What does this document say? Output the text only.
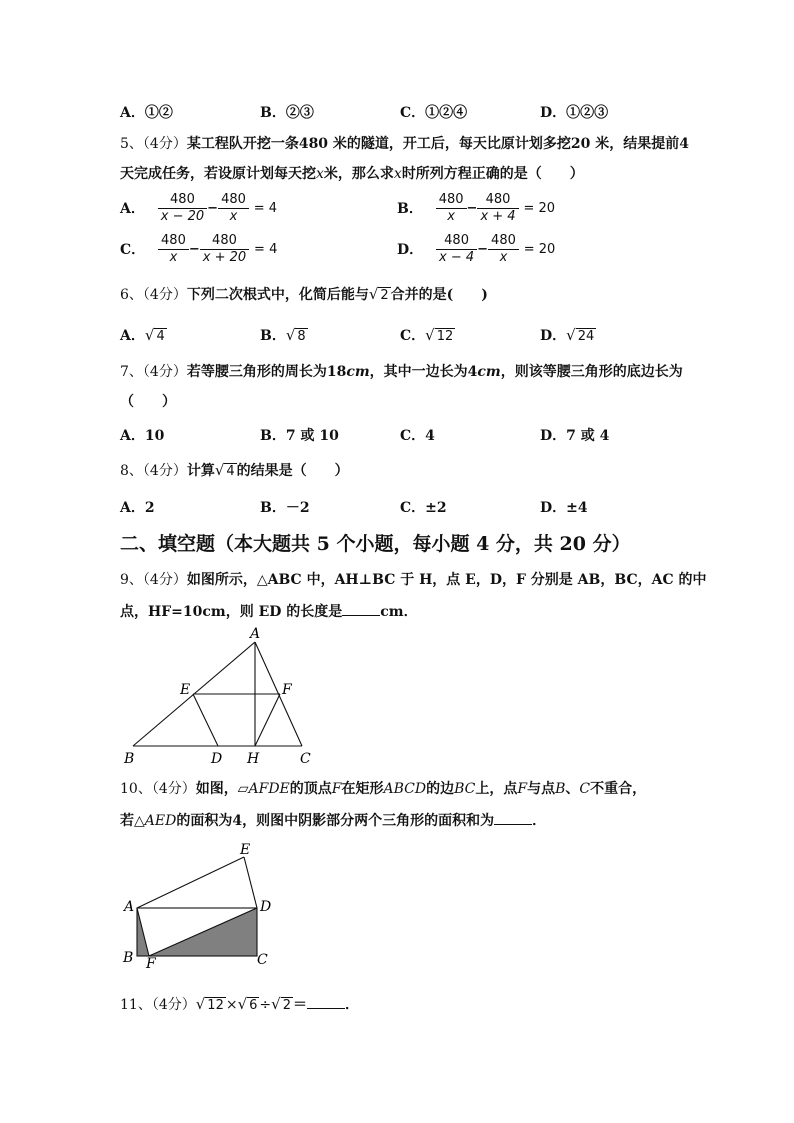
A．①②	B．②③	C．①②④	D．①②③
5、（4分）某工程队开挖一条480 米的隧道，开工后，每天比原计划多挖20 米，结果提前4
天完成任务，若设原计划每天挖x米，那么求x时所列方程正确的是（　　）
A． $\frac{480}{x - 20} - \frac{480}{x} = 4$	B． $\frac{480}{x} - \frac{480}{x + 4} = 20$
C． $\frac{480}{x} - \frac{480}{x + 20} = 4$	D． $\frac{480}{x - 4} - \frac{480}{x} = 20$
6、（4分）下列二次根式中，化简后能与√ 2 合并的是(　　)
A．√ 4	B．√ 8	C．√ 12	D．√ 24
7、（4分）若等腰三角形的周长为18cm，其中一边长为4cm，则该等腰三角形的底边长为
（　　）
A．10	B．7 或 10	C．4	D．7 或 4
8、（4分）计算√ 4 的结果是（　　）
A．2	B．－2	C．±2	D．±4
二、填空题（本大题共 5 个小题，每小题 4 分，共 20 分）
9、（4分）如图所示，△ABC 中，AH⊥BC 于 H，点 E，D，F 分别是 AB，BC，AC 的中
点，HF=10cm，则 ED 的长度是	cm．
A
B	C
D
E	F
H
10、（4分）如图，▱AFDE的顶点F在矩形ABCD的边BC上，点F与点B、C不重合，
若△AED的面积为4，则图中阴影部分两个三角形的面积和为	．
A
B	C
D
E
F
11、（4分）√ 12 ×√ 6 ÷√ 2 ＝	．
